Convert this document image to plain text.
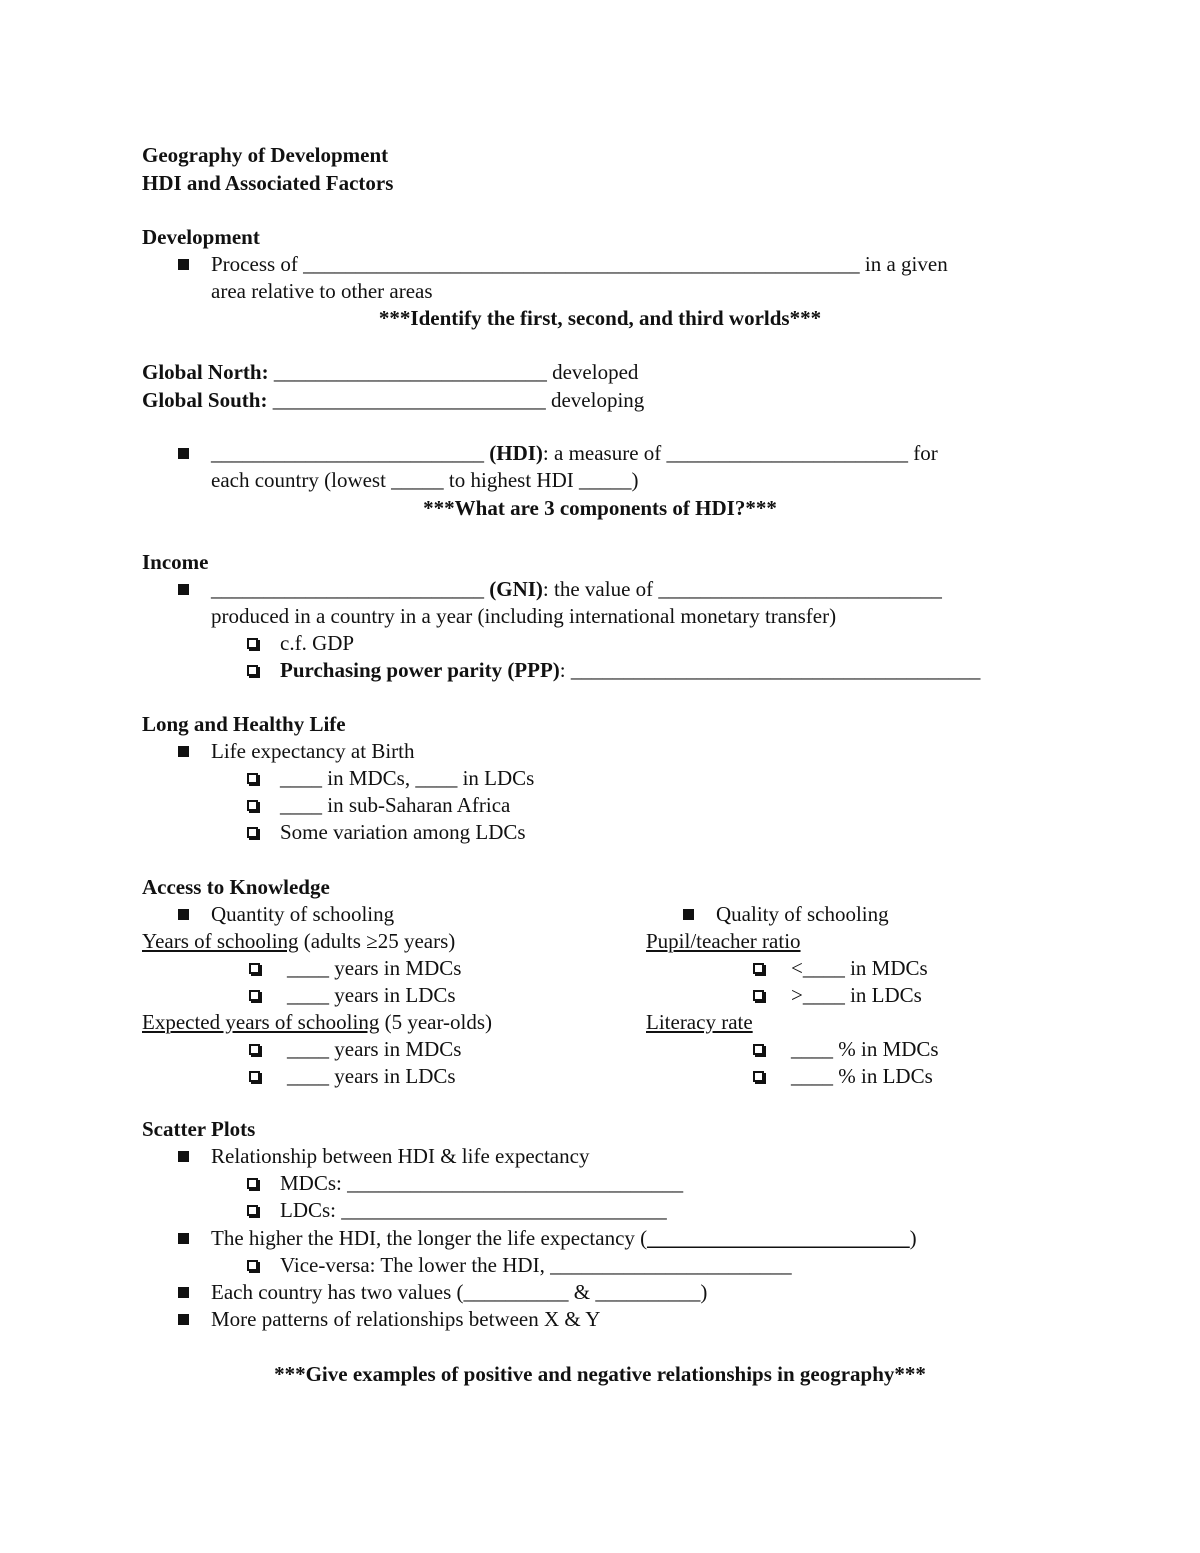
Geography of Development
HDI and Associated Factors
Development
Process of _____________________________________________________ in a given
area relative to other areas
***Identify the first, second, and third worlds***
Global North: __________________________ developed
Global South: __________________________ developing
__________________________ (HDI): a measure of _______________________ for
each country (lowest _____ to highest HDI _____)
***What are 3 components of HDI?***
Income
__________________________ (GNI): the value of ___________________________
produced in a country in a year (including international monetary transfer)
c.f. GDP
Purchasing power parity (PPP): _______________________________________
Long and Healthy Life
Life expectancy at Birth
____ in MDCs, ____ in LDCs
____ in sub-Saharan Africa
Some variation among LDCs
Access to Knowledge
Quantity of schooling
Years of schooling (adults ≥25 years)
____ years in MDCs
____ years in LDCs
Expected years of schooling (5 year-olds)
____ years in MDCs
____ years in LDCs
Quality of schooling
Pupil/teacher ratio
<____ in MDCs
>____ in LDCs
Literacy rate
____ % in MDCs
____ % in LDCs
Scatter Plots
Relationship between HDI & life expectancy
MDCs: ________________________________
LDCs: _______________________________
The higher the HDI, the longer the life expectancy (_________________________)
Vice-versa: The lower the HDI, _______________________
Each country has two values (__________ & __________)
More patterns of relationships between X & Y
***Give examples of positive and negative relationships in geography***
